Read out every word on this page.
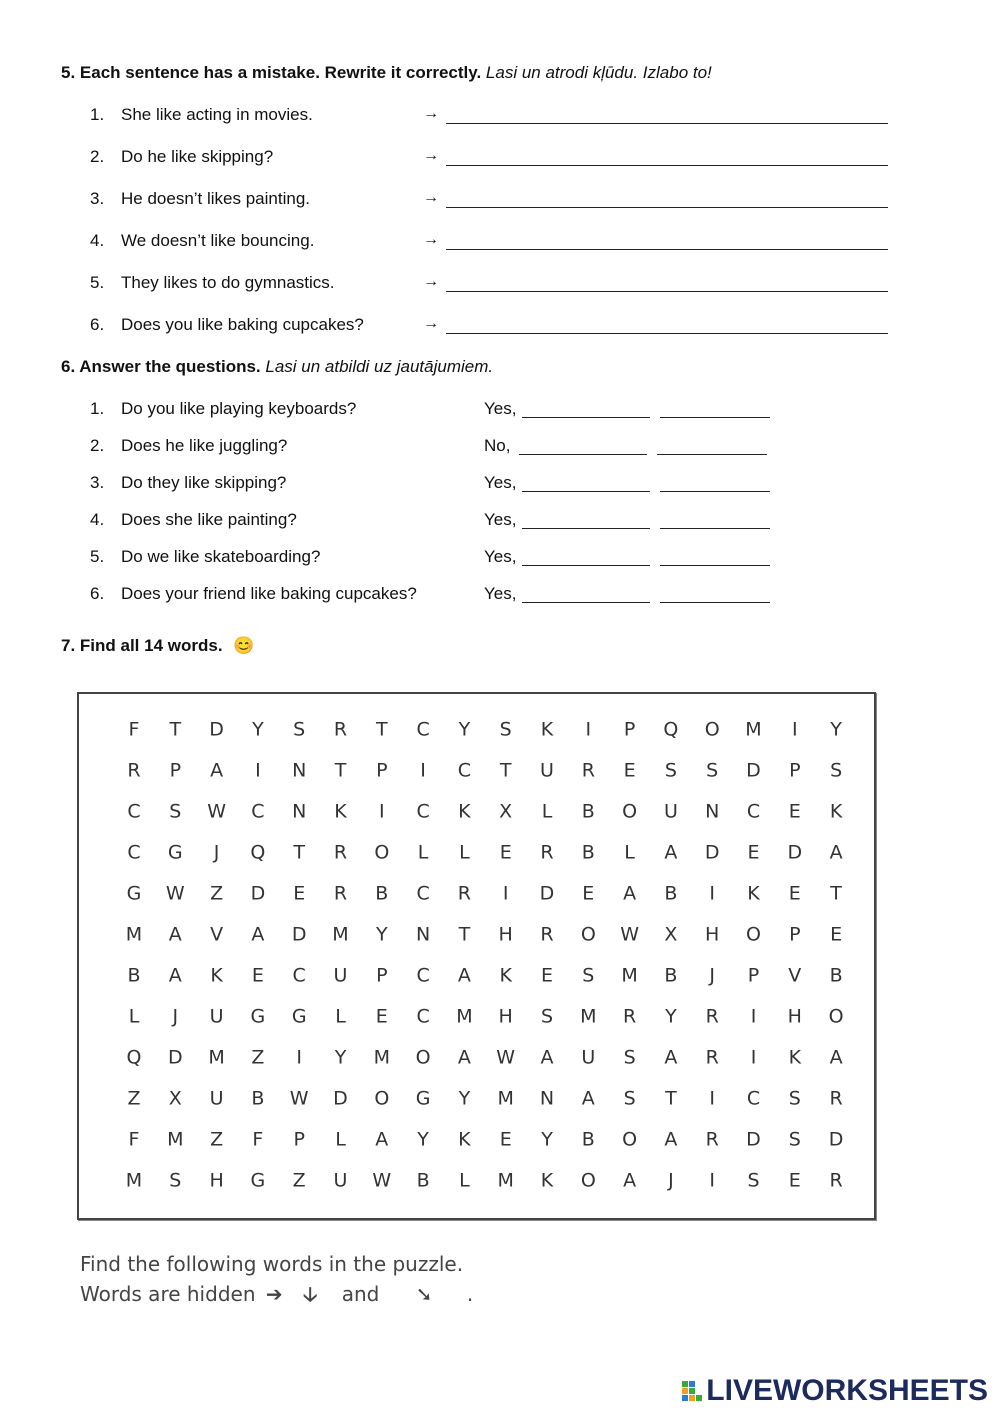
5. Each sentence has a mistake. Rewrite it correctly. Lasi un atrodi kļūdu. Izlabo to!
1. She like acting in movies.	→
2. Do he like skipping?	→
3. He doesn’t likes painting.	→
4. We doesn’t like bouncing.	→
5. They likes to do gymnastics.	→
6. Does you like baking cupcakes?	→
6. Answer the questions. Lasi un atbildi uz jautājumiem.
1. Do you like playing keyboards?	Yes,
2. Does he like juggling?	No,
3. Do they like skipping?	Yes,
4. Does she like painting?	Yes,
5. Do we like skateboarding?	Yes,
6. Does your friend like baking cupcakes?	Yes,
7. Find all 14 words. 😊
F T D Y S R T C Y S K I P Q O M I Y
R P A I N T P I C T U R E S S D P S
C S W C N K I C K X L B O U N C E K
C G J Q T R O L L E R B L A D E D A
G W Z D E R B C R I D E A B I K E T
M A V A D M Y N T H R O W X H O P E
B A K E C U P C A K E S M B J P V B
L J U G G L E C M H S M R Y R I H O
Q D M Z I Y M O A W A U S A R I K A
Z X U B W D O G Y M N A S T I C S R
F M Z F P L A Y K E Y B O A R D S D
M S H G Z U W B L M K O A J I S E R
Find the following words in the puzzle.
Words are hidden ➔ 🡣 and ➘ .
LIVEWORKSHEETS
